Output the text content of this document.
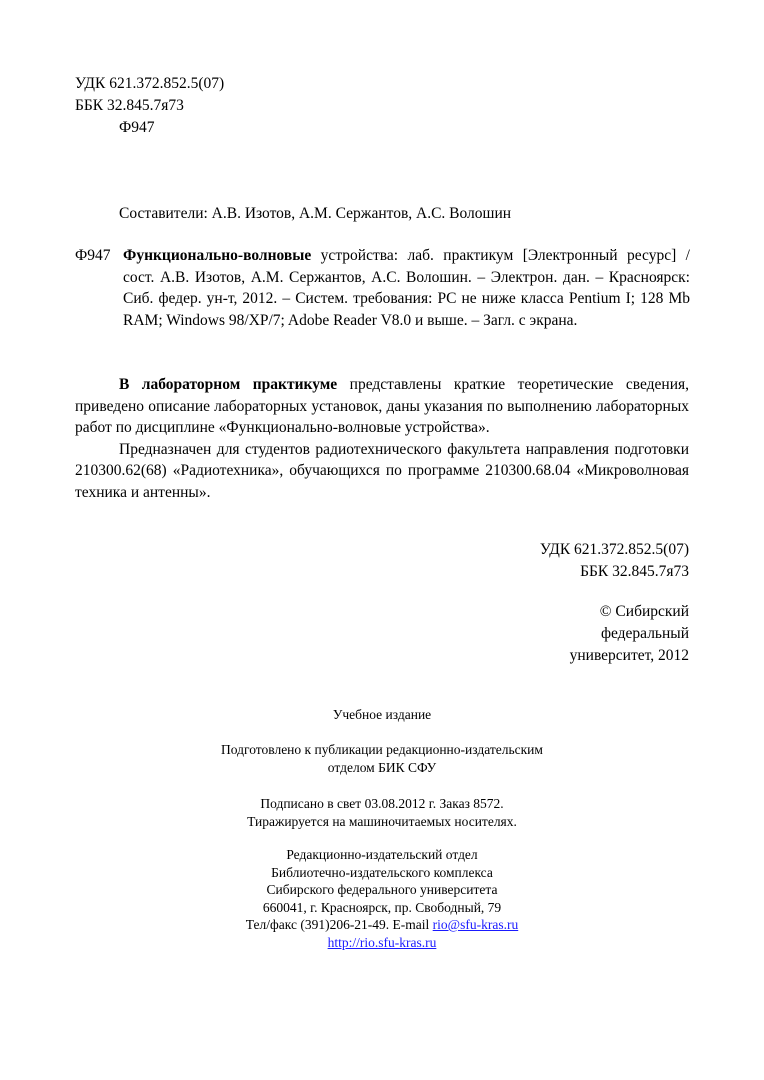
УДК 621.372.852.5(07)
ББК 32.845.7я73
Ф947
Составители: А.В. Изотов, А.М. Сержантов, А.С. Волошин
Ф947 Функционально-волновые устройства: лаб. практикум [Электронный ресурс] / сост. А.В. Изотов, А.М. Сержантов, А.С. Волошин. – Электрон. дан. – Красноярск: Сиб. федер. ун-т, 2012. – Систем. требования: PC не ниже класса Pentium I; 128 Mb RAM; Windows 98/XP/7; Adobe Reader V8.0 и выше. – Загл. с экрана.

В лабораторном практикуме представлены краткие теоретические сведения, приведено описание лабораторных установок, даны указания по выполнению лабораторных работ по дисциплине «Функционально-волновые устройства».

Предназначен для студентов радиотехнического факультета направления подготовки 210300.62(68) «Радиотехника», обучающихся по программе 210300.68.04 «Микроволновая техника и антенны».

УДК 621.372.852.5(07)
ББК 32.845.7я73
© Сибирский
федеральный
университет, 2012
Учебное издание
Подготовлено к публикации редакционно-издательским
отделом БИК СФУ
Подписано в свет 03.08.2012 г. Заказ 8572.
Тиражируется на машиночитаемых носителях.
Редакционно-издательский отдел
Библиотечно-издательского комплекса
Сибирского федерального университета
660041, г. Красноярск, пр. Свободный, 79
Тел/факс (391)206-21-49. E-mail rio@sfu-kras.ru
http://rio.sfu-kras.ru
